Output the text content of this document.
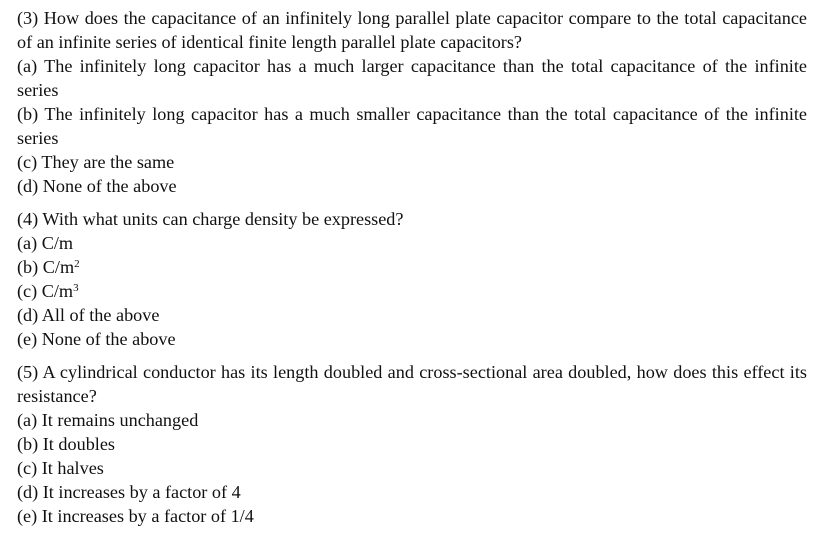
(3) How does the capacitance of an infinitely long parallel plate capacitor compare to the total capacitance of an infinite series of identical finite length parallel plate capacitors?
(a) The infinitely long capacitor has a much larger capacitance than the total capacitance of the infinite series
(b) The infinitely long capacitor has a much smaller capacitance than the total capacitance of the infinite series
(c) They are the same
(d) None of the above
(4) With what units can charge density be expressed?
(a) C/m
(b) $C/m^2$
(c) $C/m^3$
(d) All of the above
(e) None of the above
(5) A cylindrical conductor has its length doubled and cross-sectional area doubled, how does this effect its resistance?
(a) It remains unchanged
(b) It doubles
(c) It halves
(d) It increases by a factor of 4
(e) It increases by a factor of 1/4
